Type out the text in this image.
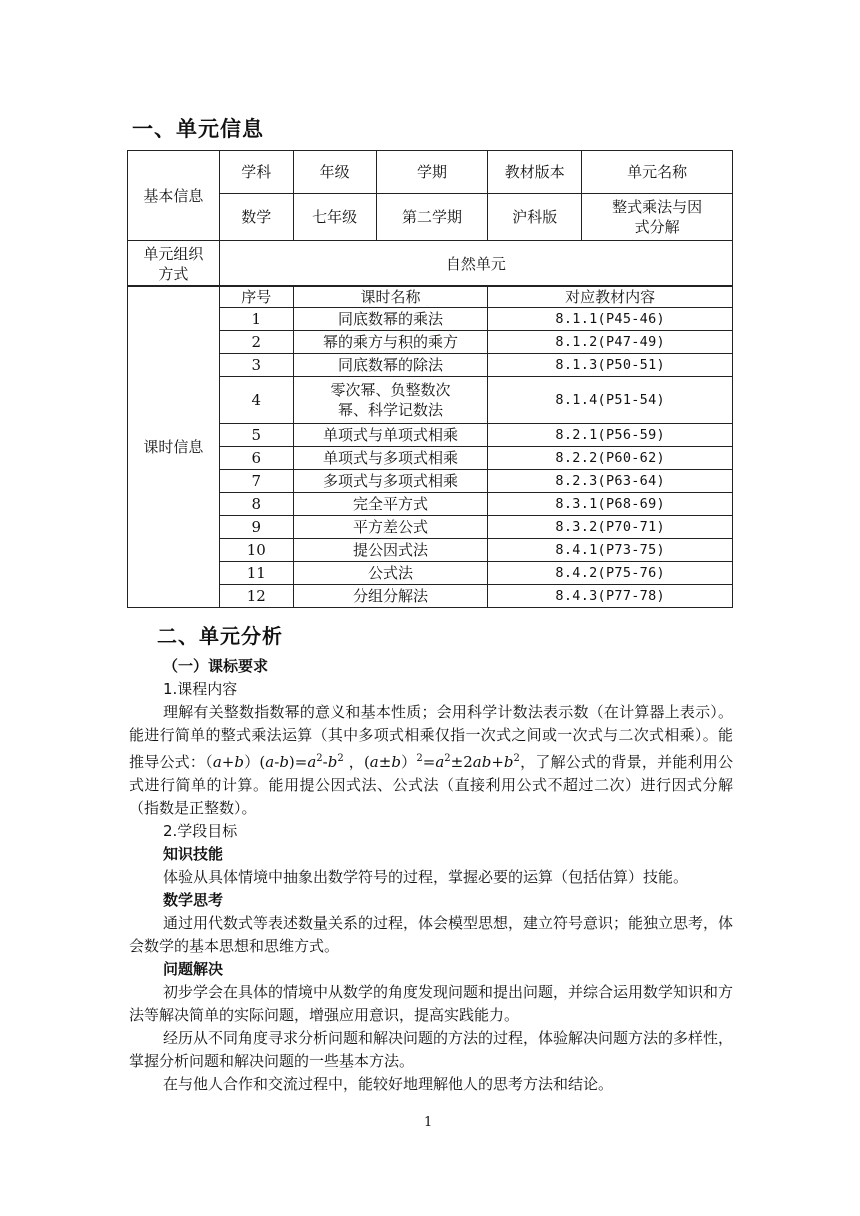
一、单元信息
基本信息	学科	年级	学期	教材版本	单元名称
	数学	七年级	第二学期	沪科版	整式乘法与因式分解
单元组织方式	自然单元				
课时信息	序号	课时名称	对应教材内容
	1	同底数幂的乘法	8.1.1(P45-46)
	2	幂的乘方与积的乘方	8.1.2(P47-49)
	3	同底数幂的除法	8.1.3(P50-51)
	4	零次幂、负整数次幂、科学记数法	8.1.4(P51-54)
	5	单项式与单项式相乘	8.2.1(P56-59)
	6	单项式与多项式相乘	8.2.2(P60-62)
	7	多项式与多项式相乘	8.2.3(P63-64)
	8	完全平方式	8.3.1(P68-69)
	9	平方差公式	8.3.2(P70-71)
	10	提公因式法	8.4.1(P73-75)
	11	公式法	8.4.2(P75-76)
	12	分组分解法	8.4.3(P77-78)
二、单元分析
（一）课标要求
1.课程内容
理解有关整数指数幂的意义和基本性质；会用科学计数法表示数（在计算器上表示）。能进行简单的整式乘法运算（其中多项式相乘仅指一次式之间或一次式与二次式相乘）。能推导公式：$(a+b)(a-b)=a^2-b^2$ ，$(a\pm b)^2=a^2\pm 2ab+b^2$，了解公式的背景，并能利用公式进行简单的计算。能用提公因式法、公式法（直接利用公式不超过二次）进行因式分解（指数是正整数）。
2.学段目标
知识技能
体验从具体情境中抽象出数学符号的过程，掌握必要的运算（包括估算）技能。
数学思考
通过用代数式等表述数量关系的过程，体会模型思想，建立符号意识；能独立思考，体会数学的基本思想和思维方式。
问题解决
初步学会在具体的情境中从数学的角度发现问题和提出问题，并综合运用数学知识和方法等解决简单的实际问题，增强应用意识，提高实践能力。
经历从不同角度寻求分析问题和解决问题的方法的过程，体验解决问题方法的多样性，掌握分析问题和解决问题的一些基本方法。
在与他人合作和交流过程中，能较好地理解他人的思考方法和结论。
1
